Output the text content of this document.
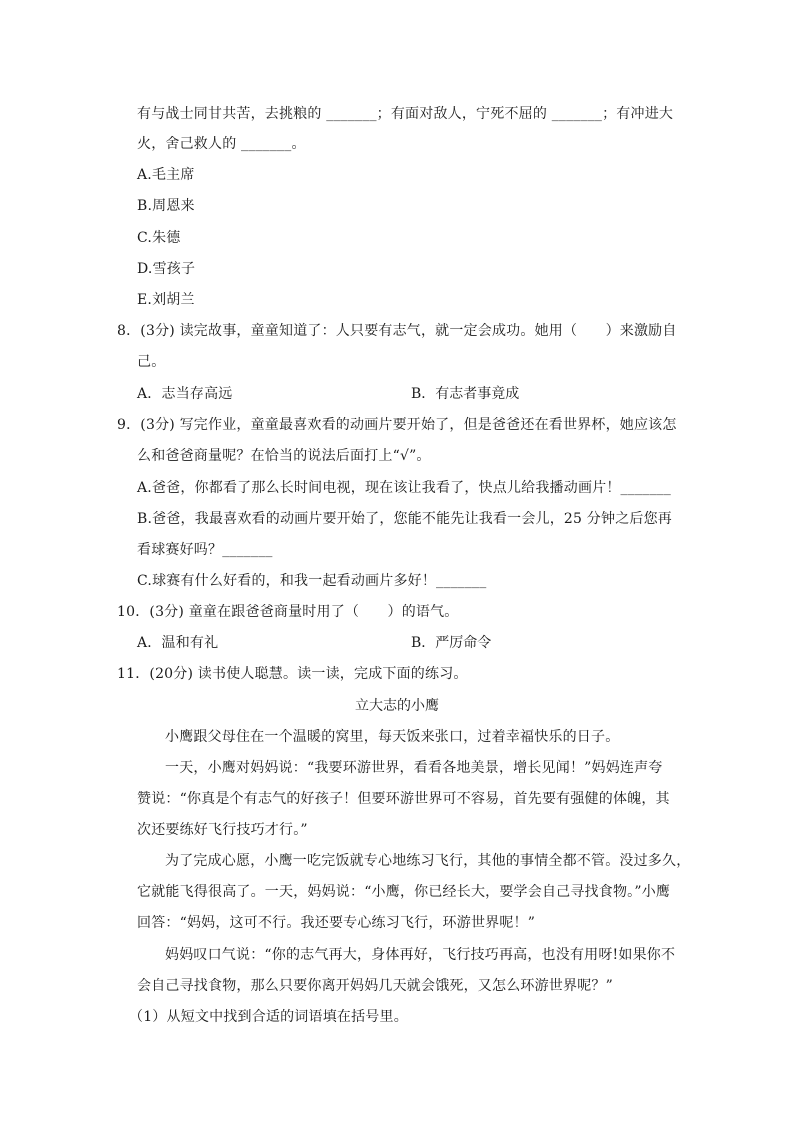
有与战士同甘共苦，去挑粮的 _______；有面对敌人，宁死不屈的 _______；有冲进大
火，舍己救人的 _______。
A.毛主席
B.周恩来
C.朱德
D.雪孩子
E.刘胡兰
8．(3分) 读完故事，童童知道了：人只要有志气，就一定会成功。她用（　　）来激励自
己。
A．志当存高远	B．有志者事竟成
9．(3分) 写完作业，童童最喜欢看的动画片要开始了，但是爸爸还在看世界杯，她应该怎
么和爸爸商量呢？在恰当的说法后面打上“√”。
A.爸爸，你都看了那么长时间电视，现在该让我看了，快点儿给我播动画片！_______
B.爸爸，我最喜欢看的动画片要开始了，您能不能先让我看一会儿，25 分钟之后您再
看球赛好吗？_______
C.球赛有什么好看的，和我一起看动画片多好！_______
10．(3分) 童童在跟爸爸商量时用了（　　）的语气。
A．温和有礼	B．严厉命令
11．(20分) 读书使人聪慧。读一读，完成下面的练习。
立大志的小鹰
小鹰跟父母住在一个温暖的窝里，每天饭来张口，过着幸福快乐的日子。
一天，小鹰对妈妈说：“我要环游世界，看看各地美景，增长见闻！”妈妈连声夸
赞说：“你真是个有志气的好孩子！但要环游世界可不容易，首先要有强健的体魄，其
次还要练好飞行技巧才行。”
为了完成心愿，小鹰一吃完饭就专心地练习飞行，其他的事情全都不管。没过多久，
它就能飞得很高了。一天，妈妈说：“小鹰，你已经长大，要学会自己寻找食物。”小鹰
回答：“妈妈，这可不行。我还要专心练习飞行，环游世界呢！”
妈妈叹口气说：“你的志气再大，身体再好，飞行技巧再高，也没有用呀!如果你不
会自己寻找食物，那么只要你离开妈妈几天就会饿死，又怎么环游世界呢？”
（1）从短文中找到合适的词语填在括号里。
